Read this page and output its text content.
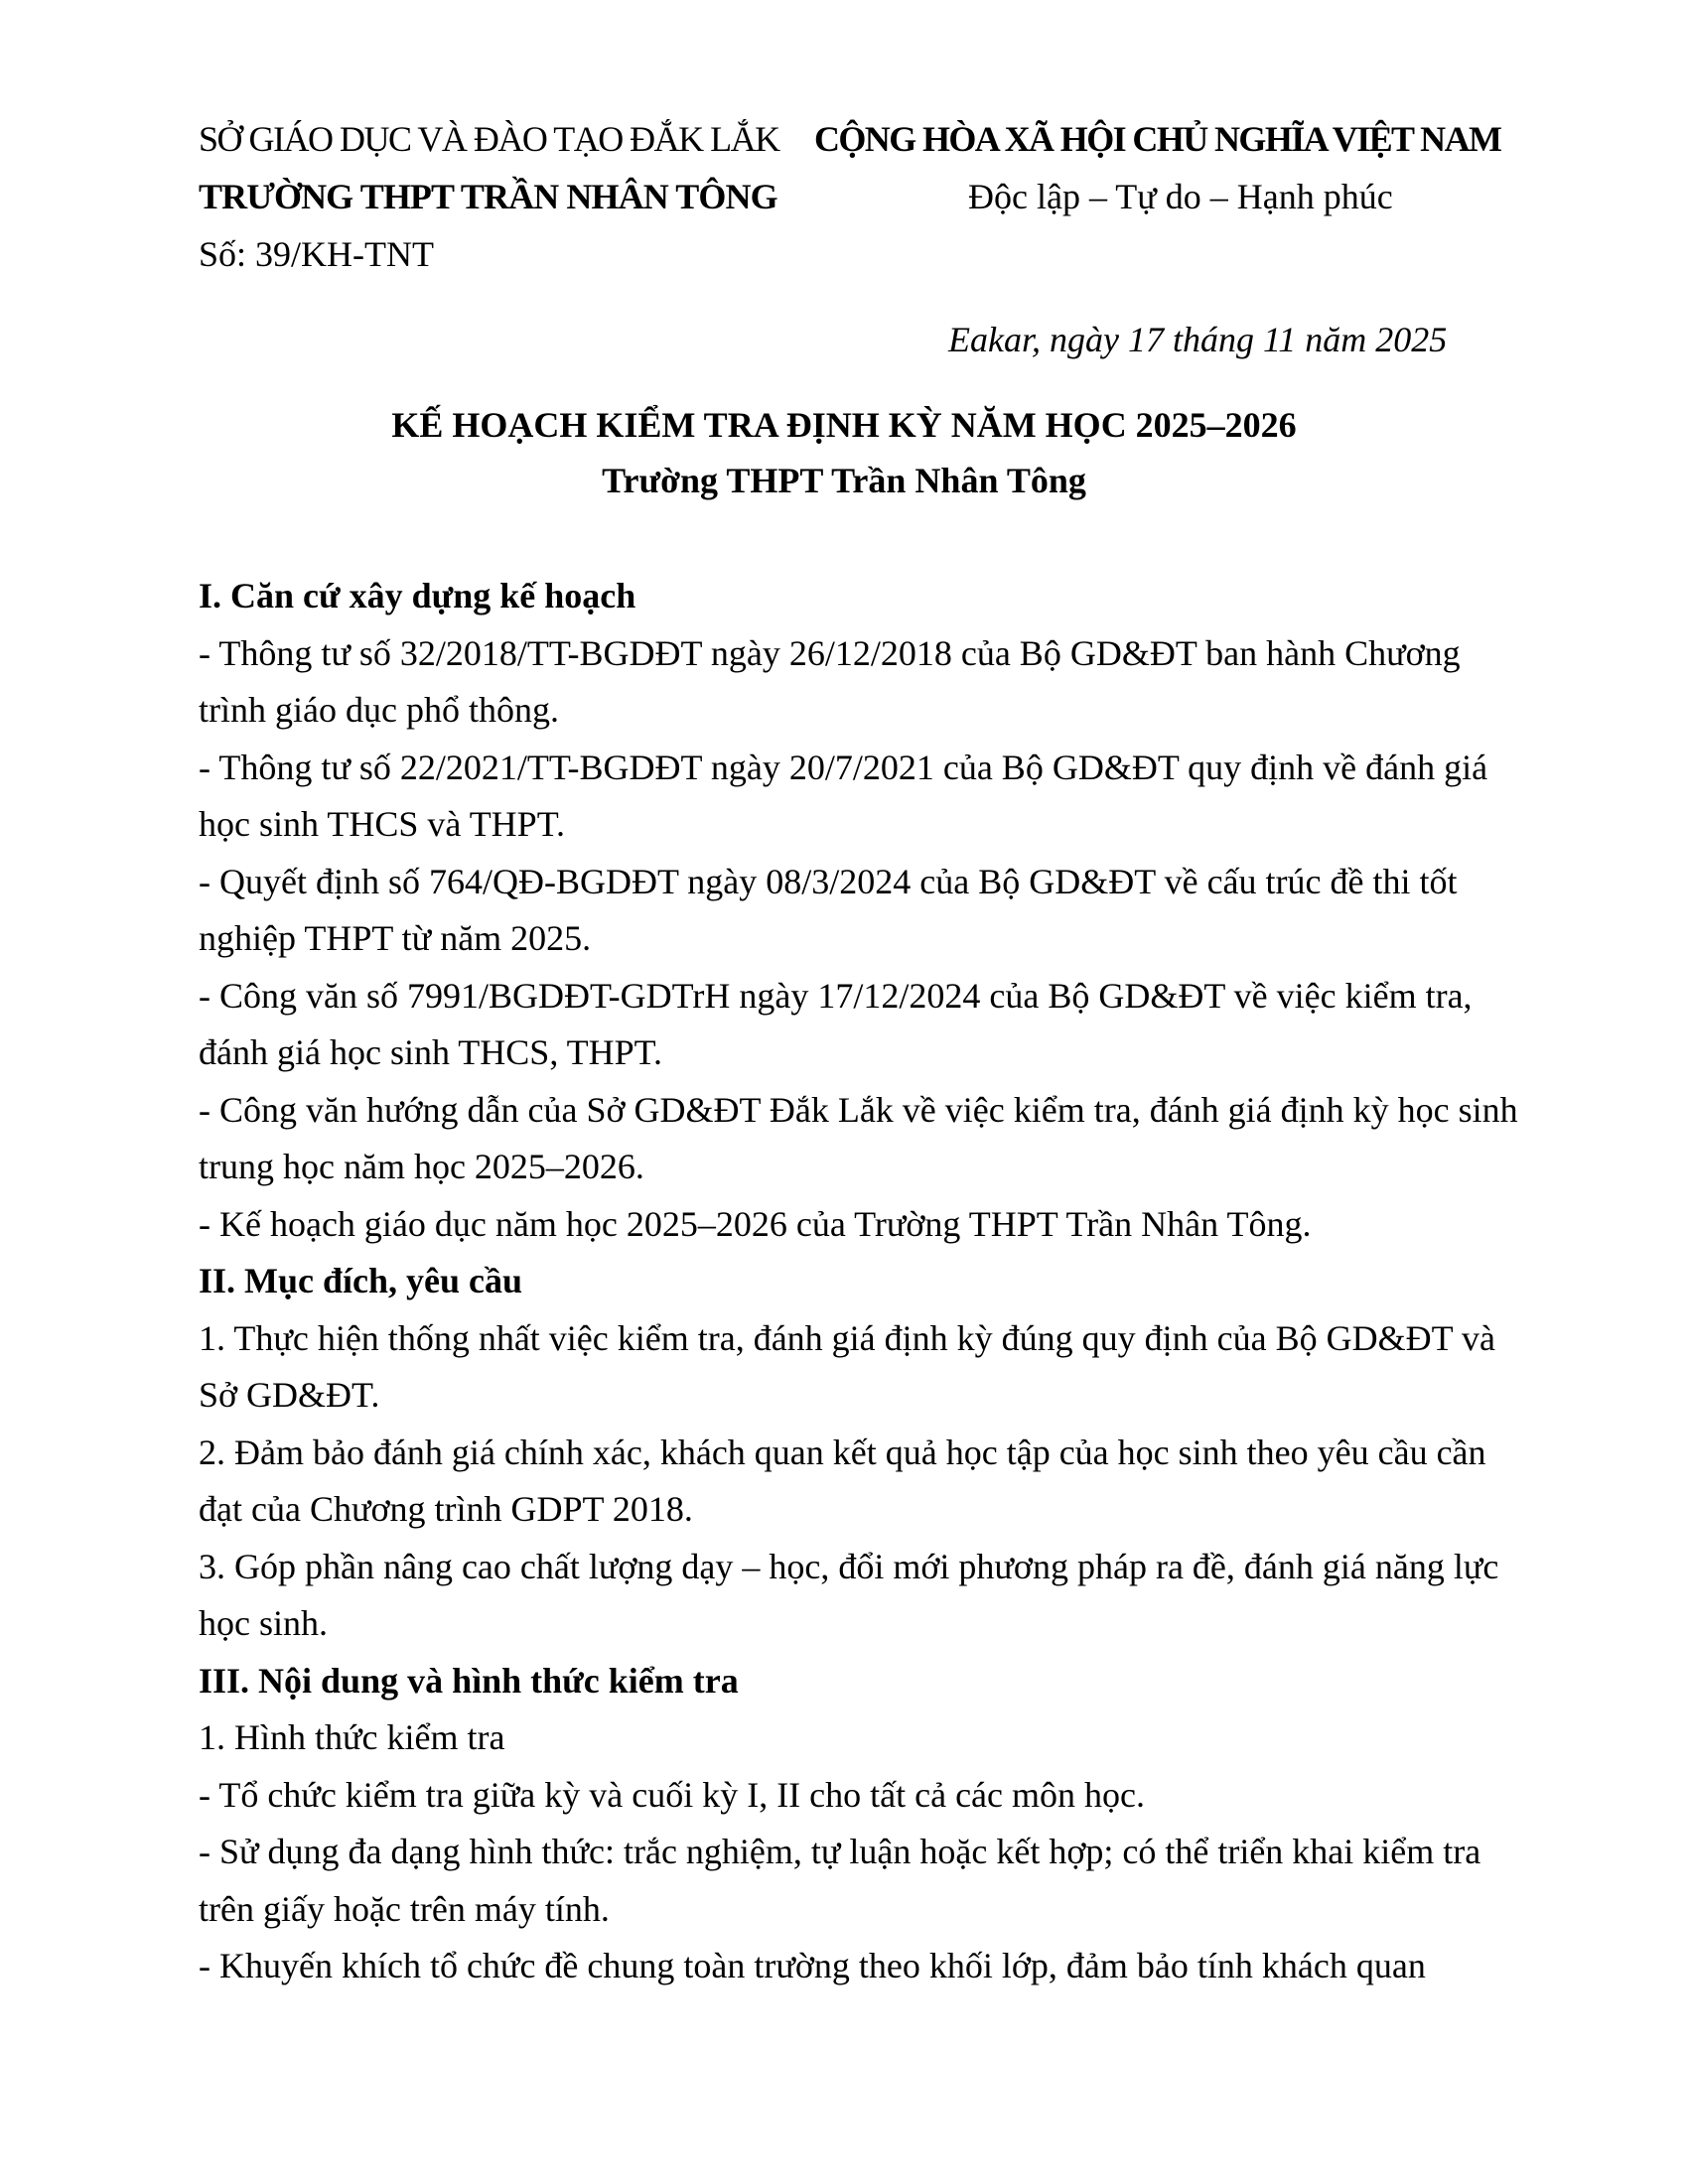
SỞ GIÁO DỤC VÀ ĐÀO TẠO ĐẮK LẮK CỘNG HÒA XÃ HỘI CHỦ NGHĨA VIỆT NAM
TRƯỜNG THPT TRẦN NHÂN TÔNG	Độc lập – Tự do – Hạnh phúc
Số: 39/KH-TNT
Eakar, ngày 17 tháng 11 năm 2025
KẾ HOẠCH KIỂM TRA ĐỊNH KỲ NĂM HỌC 2025–2026
Trường THPT Trần Nhân Tông

I. Căn cứ xây dựng kế hoạch

- Thông tư số 32/2018/TT-BGDĐT ngày 26/12/2018 của Bộ GD&ĐT ban hành Chương trình giáo dục phổ thông.

- Thông tư số 22/2021/TT-BGDĐT ngày 20/7/2021 của Bộ GD&ĐT quy định về đánh giá học sinh THCS và THPT.

- Quyết định số 764/QĐ-BGDĐT ngày 08/3/2024 của Bộ GD&ĐT về cấu trúc đề thi tốt nghiệp THPT từ năm 2025.

- Công văn số 7991/BGDĐT-GDTrH ngày 17/12/2024 của Bộ GD&ĐT về việc kiểm tra, đánh giá học sinh THCS, THPT.

- Công văn hướng dẫn của Sở GD&ĐT Đắk Lắk về việc kiểm tra, đánh giá định kỳ học sinh trung học năm học 2025–2026.

- Kế hoạch giáo dục năm học 2025–2026 của Trường THPT Trần Nhân Tông.

II. Mục đích, yêu cầu

1. Thực hiện thống nhất việc kiểm tra, đánh giá định kỳ đúng quy định của Bộ GD&ĐT và Sở GD&ĐT.

2. Đảm bảo đánh giá chính xác, khách quan kết quả học tập của học sinh theo yêu cầu cần đạt của Chương trình GDPT 2018.

3. Góp phần nâng cao chất lượng dạy – học, đổi mới phương pháp ra đề, đánh giá năng lực học sinh.

III. Nội dung và hình thức kiểm tra

1. Hình thức kiểm tra

- Tổ chức kiểm tra giữa kỳ và cuối kỳ I, II cho tất cả các môn học.

- Sử dụng đa dạng hình thức: trắc nghiệm, tự luận hoặc kết hợp; có thể triển khai kiểm tra trên giấy hoặc trên máy tính.

- Khuyến khích tổ chức đề chung toàn trường theo khối lớp, đảm bảo tính khách quan
